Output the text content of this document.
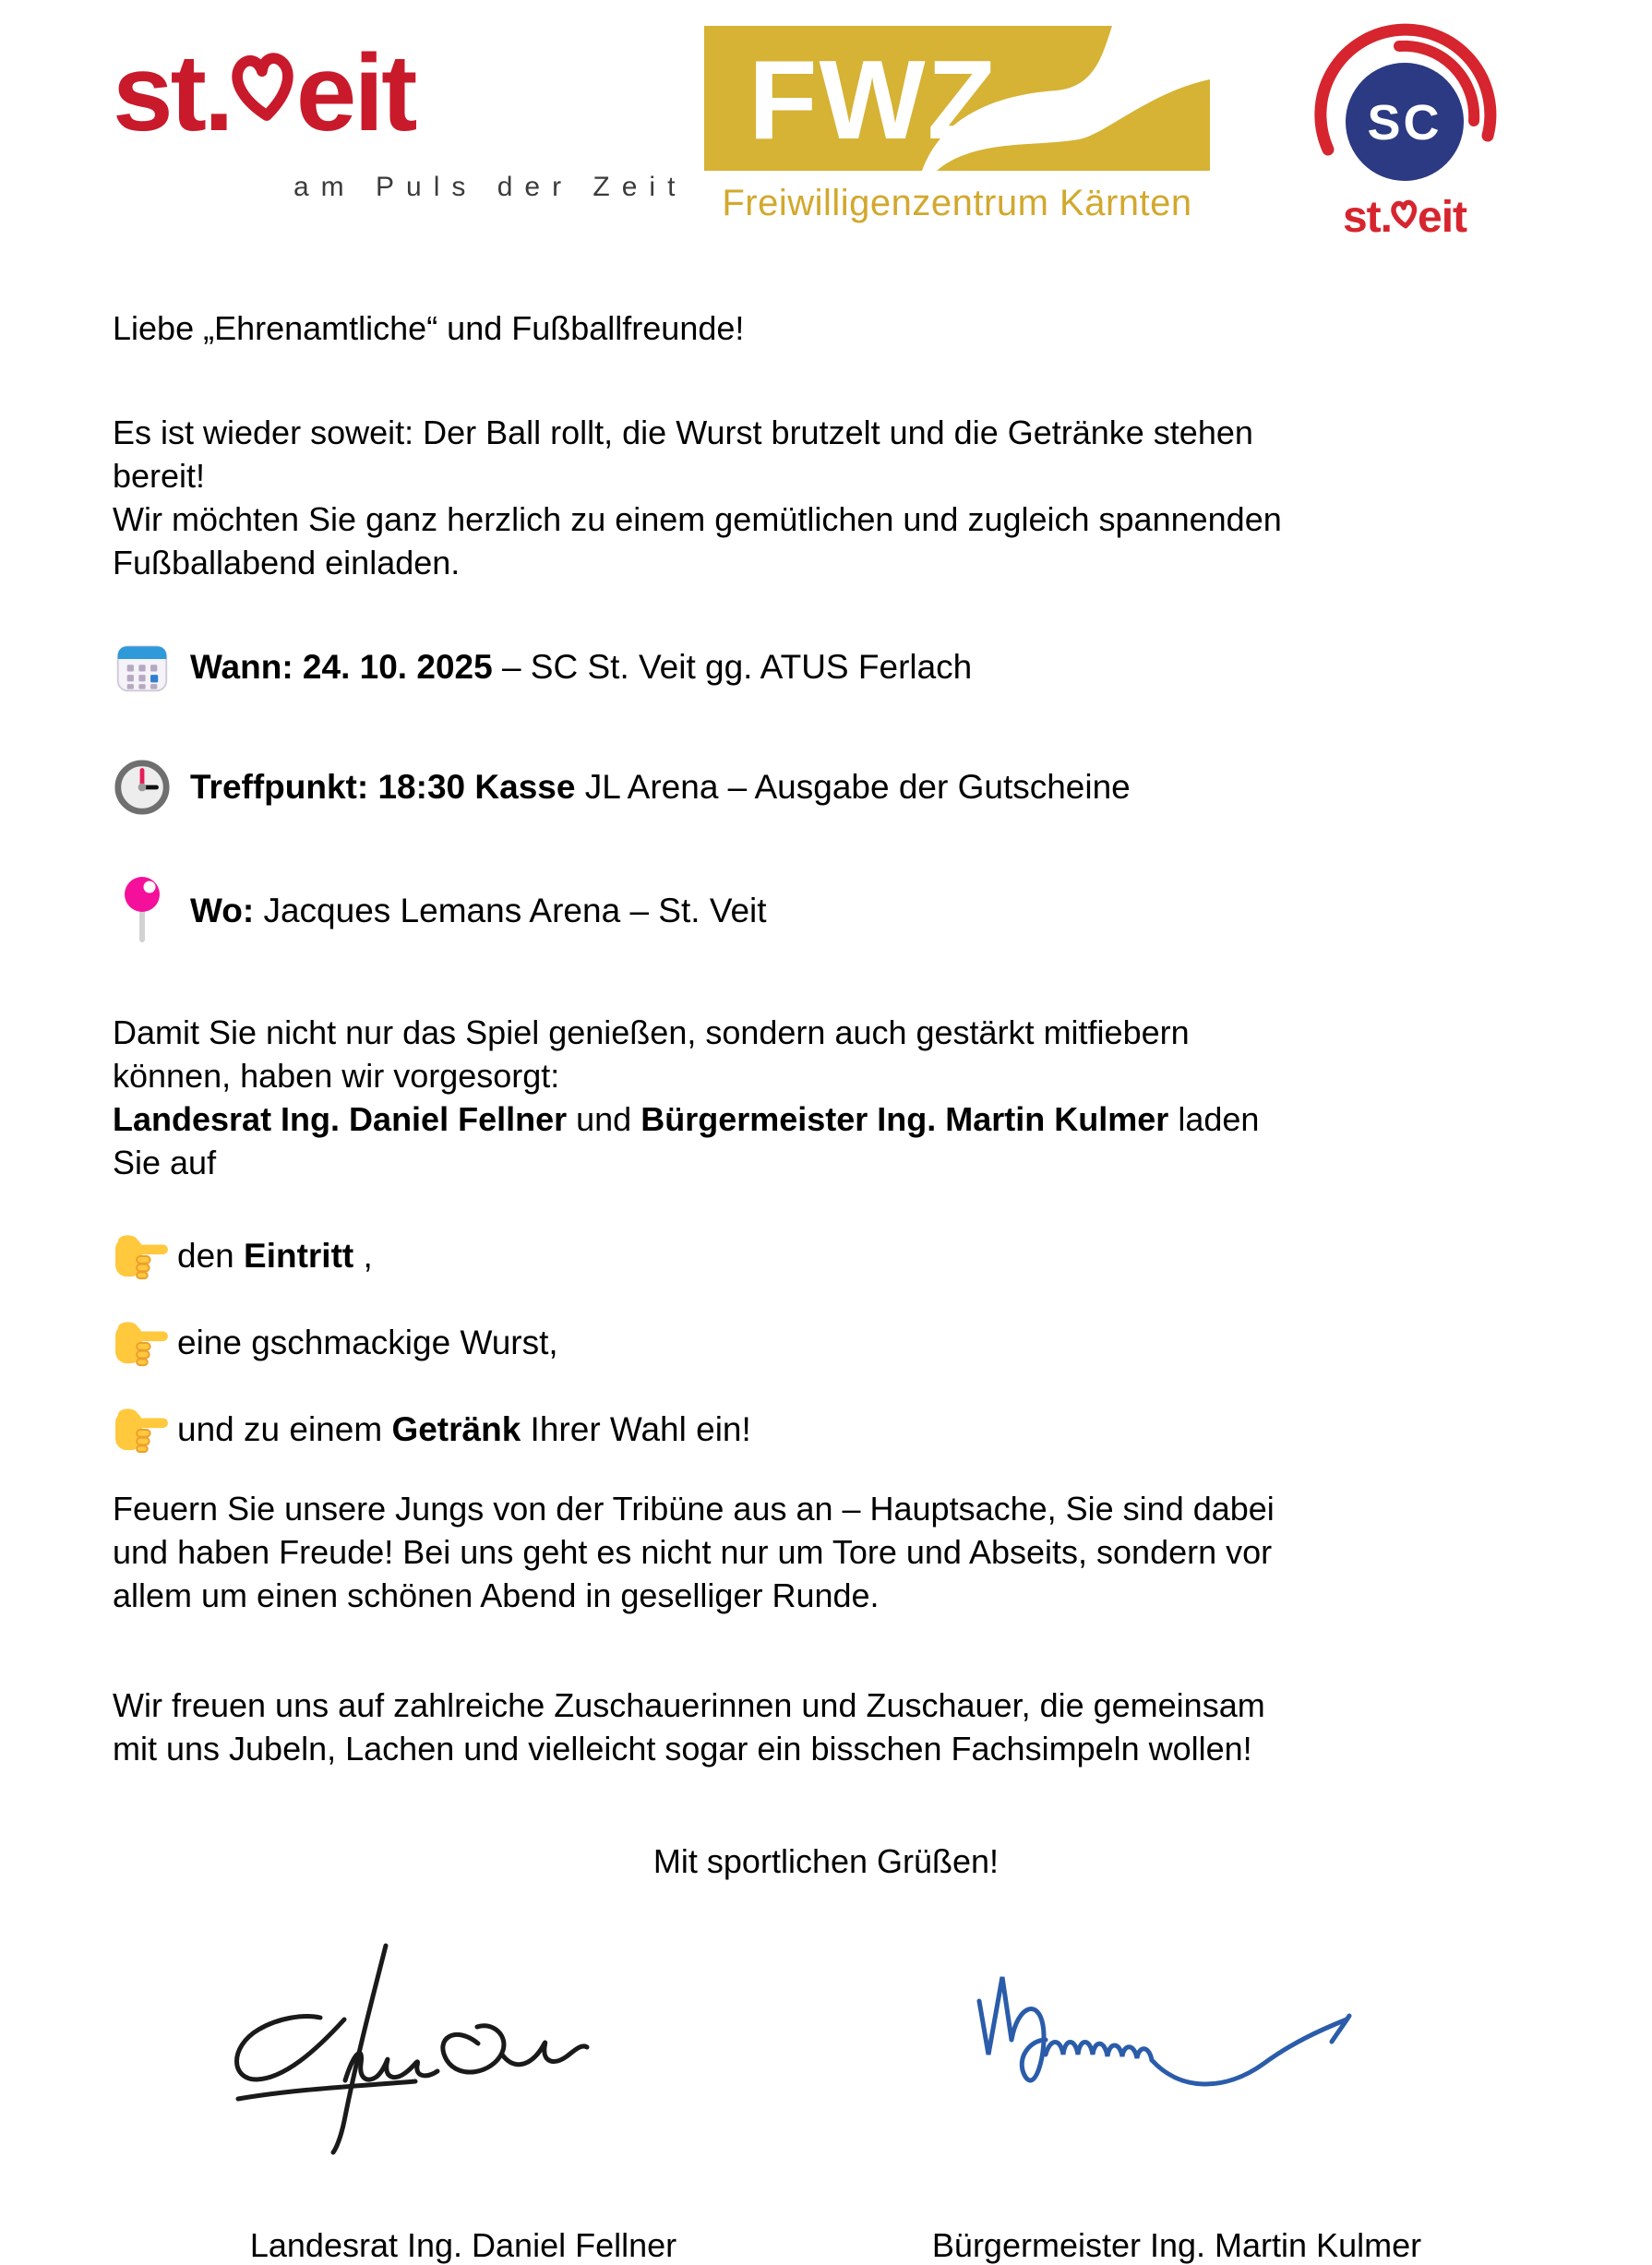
st. eit
am Puls der Zeit
FWZ
Freiwilligenzentrum Kärnten
SC
st. eit
Liebe „Ehrenamtliche“ und Fußballfreunde!
Es ist wieder soweit: Der Ball rollt, die Wurst brutzelt und die Getränke stehen
bereit!
Wir möchten Sie ganz herzlich zu einem gemütlichen und zugleich spannenden
Fußballabend einladen.
Wann: 24. 10. 2025 – SC St. Veit gg. ATUS Ferlach
Treffpunkt: 18:30 Kasse JL Arena – Ausgabe der Gutscheine
Wo: Jacques Lemans Arena – St. Veit
Damit Sie nicht nur das Spiel genießen, sondern auch gestärkt mitfiebern
können, haben wir vorgesorgt:
Landesrat Ing. Daniel Fellner und Bürgermeister Ing. Martin Kulmer laden
Sie auf
den Eintritt ,
eine gschmackige Wurst,
und zu einem Getränk Ihrer Wahl ein!
Feuern Sie unsere Jungs von der Tribüne aus an – Hauptsache, Sie sind dabei
und haben Freude! Bei uns geht es nicht nur um Tore und Abseits, sondern vor
allem um einen schönen Abend in geselliger Runde.
Wir freuen uns auf zahlreiche Zuschauerinnen und Zuschauer, die gemeinsam
mit uns Jubeln, Lachen und vielleicht sogar ein bisschen Fachsimpeln wollen!
Mit sportlichen Grüßen!
Landesrat Ing. Daniel Fellner	Bürgermeister Ing. Martin Kulmer
